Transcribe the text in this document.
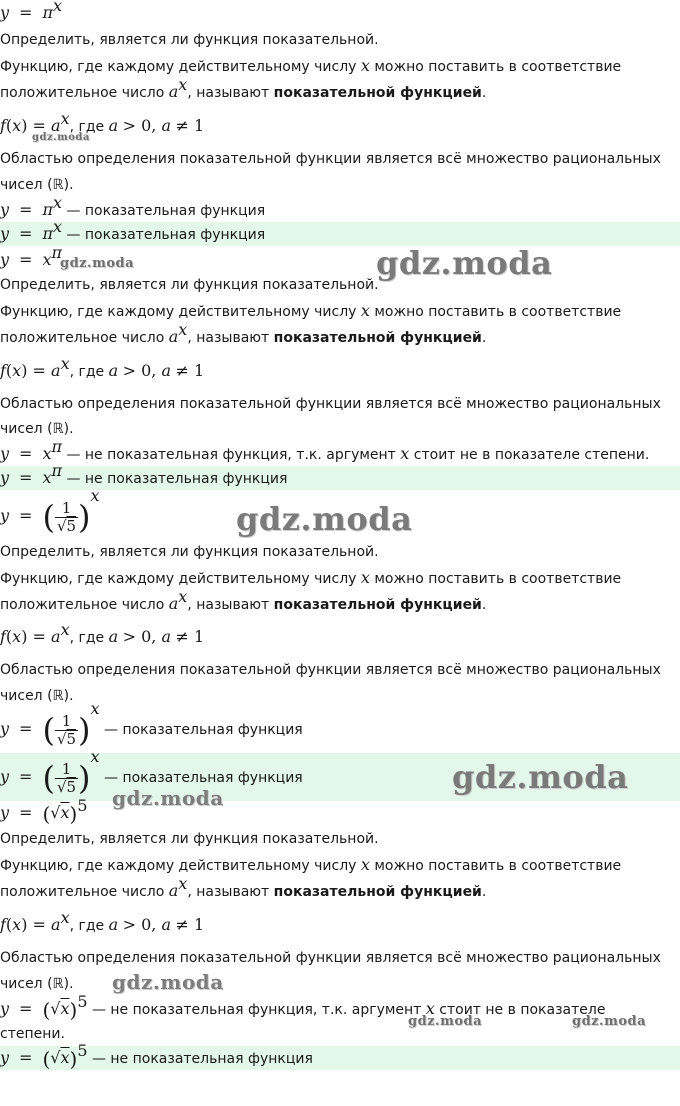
$y = \pi^x$
Определить, является ли функция показательной.
Функцию, где каждому действительному числу x можно поставить в соответствие
положительное число $a^x$, называют показательной функцией.
$f(x) = a^x$, где a > 0, a ≠ 1
Областью определения показательной функции является всё множество рациональных
чисел (ℝ).
$y = \pi^x$ — показательная функция
$y = \pi^x$ — показательная функция
$y = x^\pi$
Определить, является ли функция показательной.
Функцию, где каждому действительному числу x можно поставить в соответствие
положительное число $a^x$, называют показательной функцией.
$f(x) = a^x$, где a > 0, a ≠ 1
Областью определения показательной функции является всё множество рациональных
чисел (ℝ).
$y = x^\pi$ — не показательная функция, т.к. аргумент x стоит не в показателе степени.
$y = x^\pi$ — не показательная функция
y = ( $\frac{1}{√5} )^x$
Определить, является ли функция показательной.
Функцию, где каждому действительному числу x можно поставить в соответствие
положительное число $a^x$, называют показательной функцией.
$f(x) = a^x$, где a > 0, a ≠ 1
Областью определения показательной функции является всё множество рациональных
чисел (ℝ).
y = ( $\frac{1}{√5} )^x$ — показательная функция
y = ( $\frac{1}{√5} )^x$ — показательная функция
$y = (√x)^5$
Определить, является ли функция показательной.
Функцию, где каждому действительному числу x можно поставить в соответствие
положительное число $a^x$, называют показательной функцией.
$f(x) = a^x$, где a > 0, a ≠ 1
Областью определения показательной функции является всё множество рациональных
чисел (ℝ).
$y = (√x)^5$ — не показательная функция, т.к. аргумент x стоит не в показателе
степени.
$y = (√x)^5$ — не показательная функция
gdz.moda
gdz.moda	gdz.moda
gdz.moda
gdz.moda
gdz.moda
gdz.moda
gdz.moda	gdz.moda
